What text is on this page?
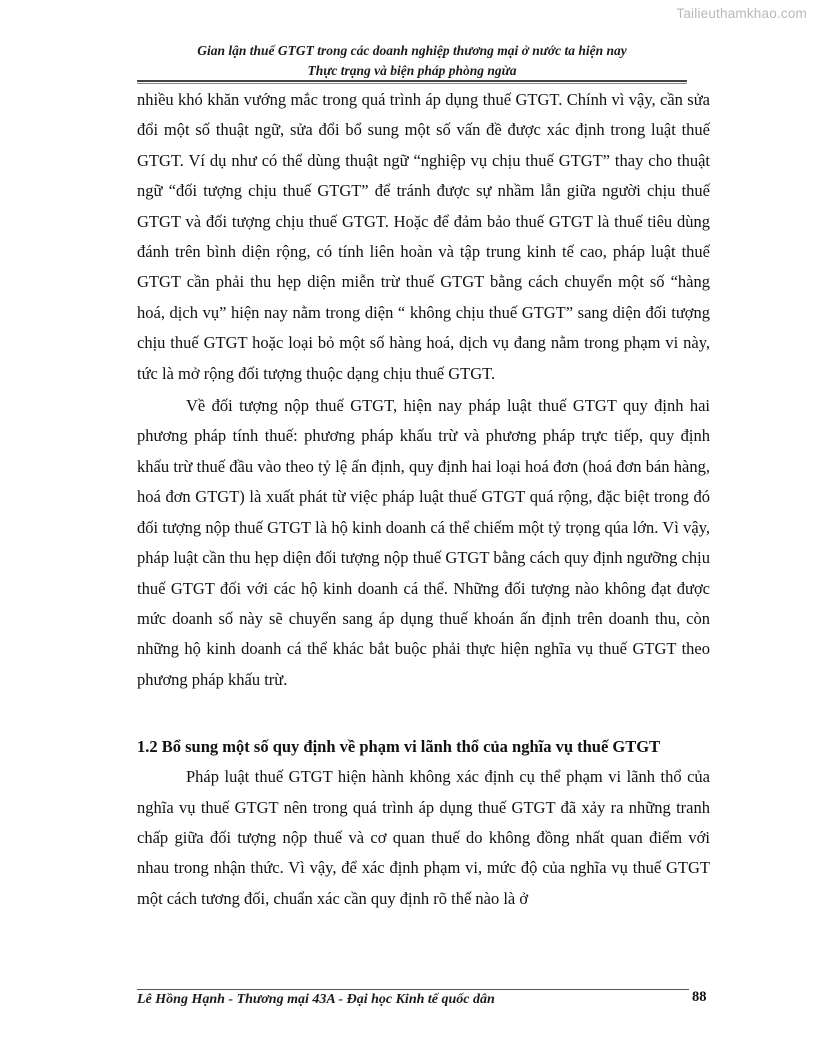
Tailieuthamkhao.com
Gian lận thuế GTGT trong các doanh nghiệp thương mại ở nước ta hiện nay
Thực trạng và biện pháp phòng ngừa

nhiều khó khăn vướng mắc trong quá trình áp dụng thuế GTGT. Chính vì vậy, cần sửa đổi một số thuật ngữ, sửa đổi bổ sung một số vấn đề được xác định trong luật thuế GTGT. Ví dụ như có thể dùng thuật ngữ “nghiệp vụ chịu thuế GTGT” thay cho thuật ngữ “đối tượng chịu thuế GTGT” để tránh được sự nhầm lẫn giữa người chịu thuế GTGT và đối tượng chịu thuế GTGT. Hoặc để đảm bảo thuế GTGT là thuế tiêu dùng đánh trên bình diện rộng, có tính liên hoàn và tập trung kinh tế cao, pháp luật thuế GTGT cần phải thu hẹp diện miễn trừ thuế GTGT bằng cách chuyển một số “hàng hoá, dịch vụ” hiện nay nằm trong diện “ không chịu thuế GTGT” sang diện đối tượng chịu thuế GTGT hoặc loại bỏ một số hàng hoá, dịch vụ đang nằm trong phạm vi này, tức là mở rộng đối tượng thuộc dạng chịu thuế GTGT.

Về đối tượng nộp thuế GTGT, hiện nay pháp luật thuế GTGT quy định hai phương pháp tính thuế: phương pháp khấu trừ và phương pháp trực tiếp, quy định khấu trừ thuế đầu vào theo tỷ lệ ấn định, quy định hai loại hoá đơn (hoá đơn bán hàng, hoá đơn GTGT) là xuất phát từ việc pháp luật thuế GTGT quá rộng, đặc biệt trong đó đối tượng nộp thuế GTGT là hộ kinh doanh cá thể chiếm một tỷ trọng qúa lớn. Vì vậy, pháp luật cần thu hẹp diện đối tượng nộp thuế GTGT bằng cách quy định ngưỡng chịu thuế GTGT đối với các hộ kinh doanh cá thể. Những đối tượng nào không đạt được mức doanh số này sẽ chuyển sang áp dụng thuế khoán ấn định trên doanh thu, còn những hộ kinh doanh cá thể khác bắt buộc phải thực hiện nghĩa vụ thuế GTGT theo phương pháp khấu trừ.

1.2 Bổ sung một số quy định về phạm vi lãnh thổ của nghĩa vụ thuế GTGT

Pháp luật thuế GTGT hiện hành không xác định cụ thể phạm vi lãnh thổ của nghĩa vụ thuế GTGT nên trong quá trình áp dụng thuế GTGT đã xảy ra những tranh chấp giữa đối tượng nộp thuế và cơ quan thuế do không đồng nhất quan điểm với nhau trong nhận thức. Vì vậy, để xác định phạm vi, mức độ của nghĩa vụ thuế GTGT một cách tương đối, chuẩn xác cần quy định rõ thế nào là ở

Lê Hồng Hạnh - Thương mại 43A - Đại học Kinh tế quốc dân	88
